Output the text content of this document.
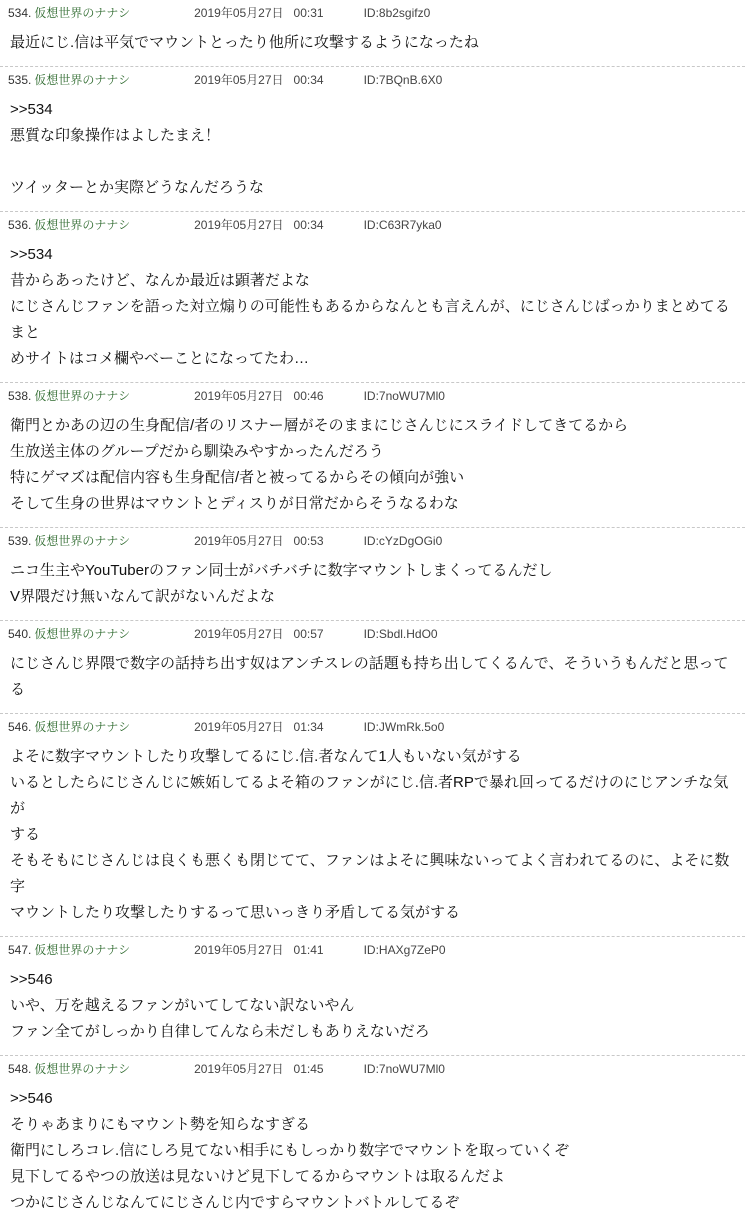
534. 仮想世界のナナシ	2019年05月27日 00:31	ID:8b2sgifz0
最近にじ.信は平気でマウントとったり他所に攻撃するようになったね
535. 仮想世界のナナシ	2019年05月27日 00:34	ID:7BQnB.6X0
>>534
悪質な印象操作はよしたまえ！
ツイッターとか実際どうなんだろうな
536. 仮想世界のナナシ	2019年05月27日 00:34	ID:C63R7yka0
>>534
昔からあったけど、なんか最近は顕著だよな
にじさんじファンを語った対立煽りの可能性もあるからなんとも言えんが、にじさんじばっかりまとめてるまと
めサイトはコメ欄やべーことになってたわ…
538. 仮想世界のナナシ	2019年05月27日 00:46	ID:7noWU7Ml0
衛門とかあの辺の生身配信/者のリスナー層がそのままにじさんじにスライドしてきてるから
生放送主体のグループだから馴染みやすかったんだろう
特にゲマズは配信内容も生身配信/者と被ってるからその傾向が強い
そして生身の世界はマウントとディスりが日常だからそうなるわな
539. 仮想世界のナナシ	2019年05月27日 00:53	ID:cYzDgOGi0
ニコ生主やYouTuberのファン同士がバチバチに数字マウントしまくってるんだし
V界隈だけ無いなんて訳がないんだよな
540. 仮想世界のナナシ	2019年05月27日 00:57	ID:Sbdl.HdO0
にじさんじ界隈で数字の話持ち出す奴はアンチスレの話題も持ち出してくるんで、そういうもんだと思ってる
546. 仮想世界のナナシ	2019年05月27日 01:34	ID:JWmRk.5o0
よそに数字マウントしたり攻撃してるにじ.信.者なんて1人もいない気がする
いるとしたらにじさんじに嫉妬してるよそ箱のファンがにじ.信.者RPで暴れ回ってるだけのにじアンチな気が
する
そもそもにじさんじは良くも悪くも閉じてて、ファンはよそに興味ないってよく言われてるのに、よそに数字
マウントしたり攻撃したりするって思いっきり矛盾してる気がする
547. 仮想世界のナナシ	2019年05月27日 01:41	ID:HAXg7ZeP0
>>546
いや、万を越えるファンがいてしてない訳ないやん
ファン全てがしっかり自律してんなら未だしもありえないだろ
548. 仮想世界のナナシ	2019年05月27日 01:45	ID:7noWU7Ml0
>>546
そりゃあまりにもマウント勢を知らなすぎる
衛門にしろコレ.信にしろ見てない相手にもしっかり数字でマウントを取っていくぞ
見下してるやつの放送は見ないけど見下してるからマウントは取るんだよ
つかにじさんじなんてにじさんじ内ですらマウントバトルしてるぞ
